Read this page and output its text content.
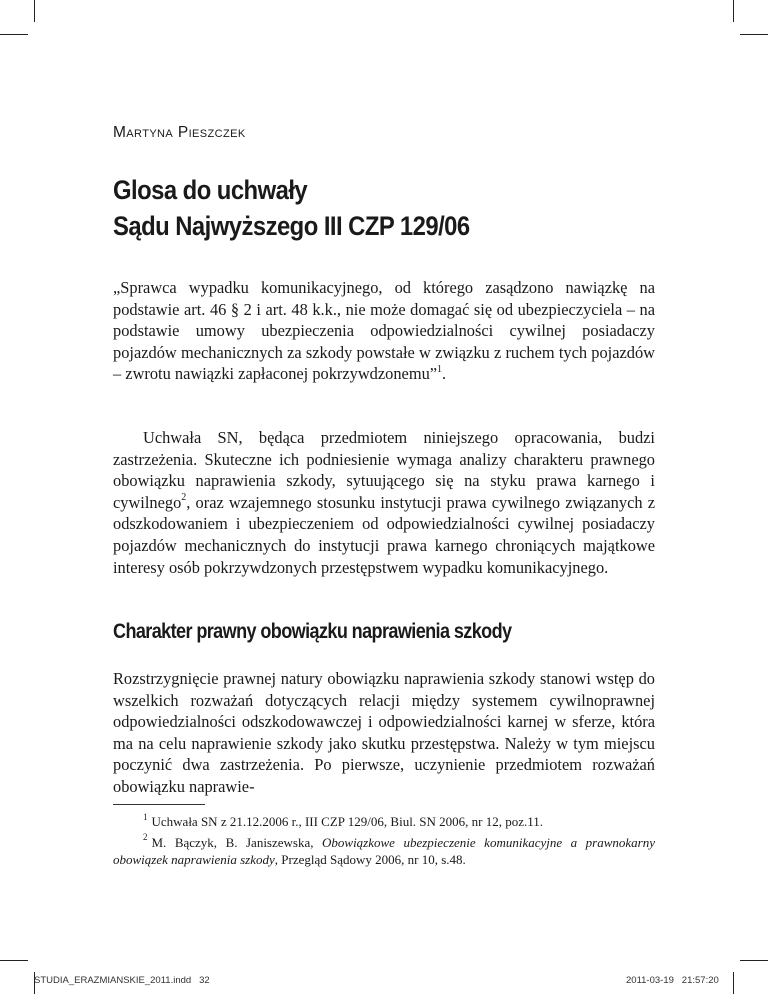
Martyna Pieszczek
Glosa do uchwały
Sądu Najwyższego III CZP 129/06
„Sprawca wypadku komunikacyjnego, od którego zasądzono nawiązkę na podstawie art. 46 § 2 i art. 48 k.k., nie może domagać się od ubezpieczyciela – na podstawie umowy ubezpieczenia odpowiedzialności cywilnej posiadaczy pojazdów mechanicznych za szkody powstałe w związku z ruchem tych pojazdów – zwrotu nawiązki zapłaconej pokrzywdzonemu”$^1$.
Uchwała SN, będąca przedmiotem niniejszego opracowania, budzi zastrzeżenia. Skuteczne ich podniesienie wymaga analizy charakteru prawnego obowiązku naprawienia szkody, sytuującego się na styku prawa karnego i cywilnego$^2$, oraz wzajemnego stosunku instytucji prawa cywilnego związanych z odszkodowaniem i ubezpieczeniem od odpowiedzialności cywilnej posiadaczy pojazdów mechanicznych do instytucji prawa karnego chroniących majątkowe interesy osób pokrzywdzonych przestępstwem wypadku komunikacyjnego.
Charakter prawny obowiązku naprawienia szkody
Rozstrzygnięcie prawnej natury obowiązku naprawienia szkody stanowi wstęp do wszelkich rozważań dotyczących relacji między systemem cywilnoprawnej odpowiedzialności odszkodowawczej i odpowiedzialności karnej w sferze, która ma na celu naprawienie szkody jako skutku przestępstwa. Należy w tym miejscu poczynić dwa zastrzeżenia. Po pierwsze, uczynienie przedmiotem rozważań obowiązku naprawie-

$^1$ Uchwała SN z 21.12.2006 r., III CZP 129/06, Biul. SN 2006, nr 12, poz.11.

$^2$ M. Bączyk, B. Janiszewska, Obowiązkowe ubezpieczenie komunikacyjne a prawnokarny obowiązek naprawienia szkody, Przegląd Sądowy 2006, nr 10, s.48.

STUDIA_ERAZMIANSKIE_2011.indd   32	2011-03-19   21:57:20
